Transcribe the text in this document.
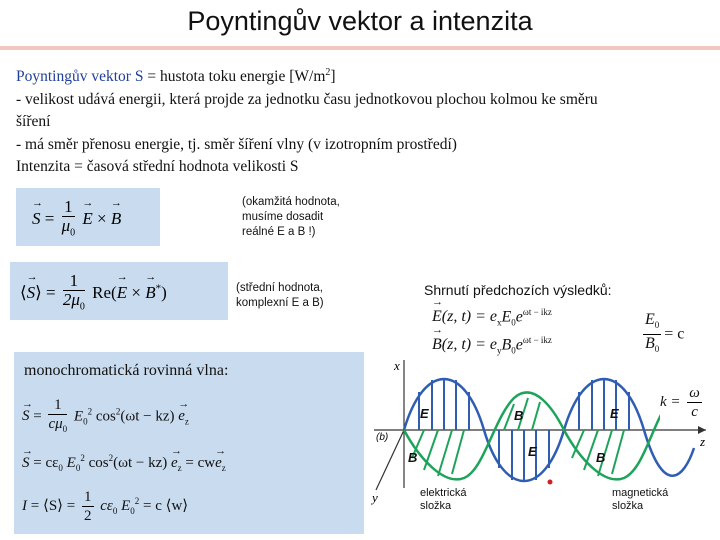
Poyntingův vektor a intenzita
Poyntingův vektor S = hustota toku energie $[W/m^2]$
- velikost udává energii, která projde za jednotku času jednotkovou plochou kolmou ke směru
šíření
- má směr přenosu energie, tj. směr šíření vlny (v izotropním prostředí)
Intenzita = časová střední hodnota velikosti S
→ $S = \frac{1}{\mu_0}$
→ E × → B
(okamžitá hodnota,
musíme dosadit
reálné E a B !)
⟨→ S⟩ = $\frac{1}{2\mu_0} Re(\to E$ × → B*)	(střední hodnota,
komplexní E a B)
monochromatická rovinná vlna:
→ $S = \frac{1}{c\mu_0} E_0^2$ $\cos^2(\omega t - kz) \to e_z$
→ $S = c\varepsilon_0$ $E_0^2$ $\cos^2(\omega t - kz) \to e_z = cw\to e_z$
I = ⟨S⟩ = $\frac{1}{2} c\varepsilon_0$ $E_0^2 = c$ ⟨w⟩
Shrnutí předchozích výsledků:
→ E(z, $t) = e_xE_0e^{\omega t - ikz}$
→ B(z, $t) = e_yB_0e^{\omega t - ikz}$	$\frac{E_0}{B_0} = c$
x
z
y
(b)
E	B	E
B	E	B
elektrická složka
magnetická složka
$k = \frac{\omega}{c}$
